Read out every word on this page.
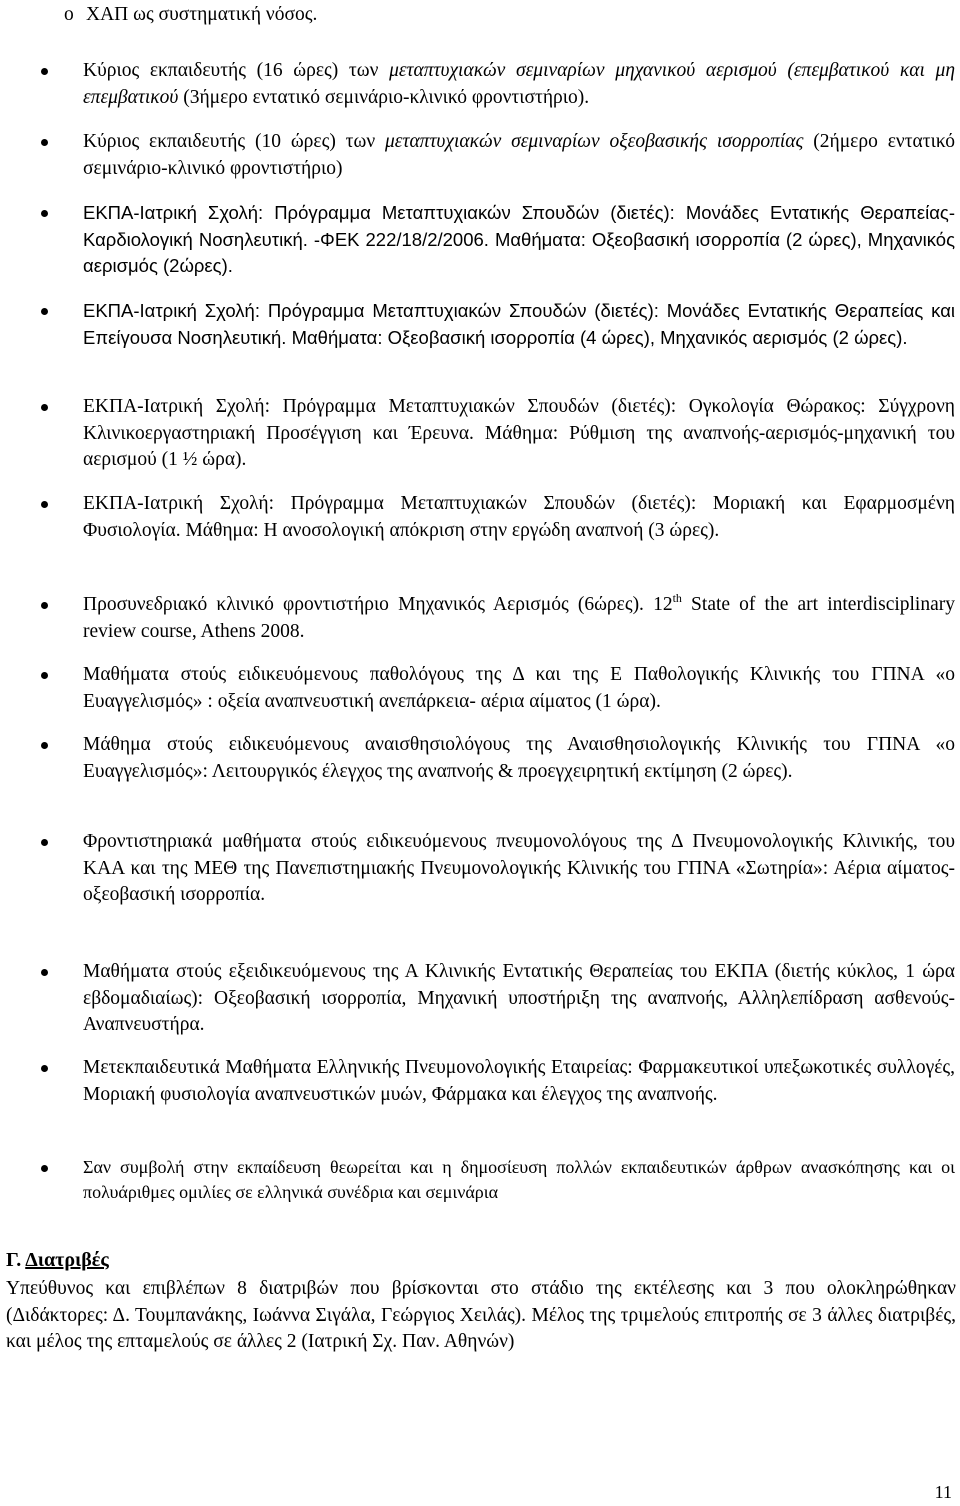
o ΧΑΠ ως συστηματική νόσος.
Κύριος εκπαιδευτής (16 ώρες) των μεταπτυχιακών σεμιναρίων μηχανικού αερισμού (επεμβατικού και μη επεμβατικού (3ήμερο εντατικό σεμινάριο-κλινικό φροντιστήριο).
Κύριος εκπαιδευτής (10 ώρες) των μεταπτυχιακών σεμιναρίων οξεοβασικής ισορροπίας (2ήμερο εντατικό σεμινάριο-κλινικό φροντιστήριο)
ΕΚΠΑ-Ιατρική Σχολή: Πρόγραμμα Μεταπτυχιακών Σπουδών (διετές): Μονάδες Εντατικής Θεραπείας-Καρδιολογική Νοσηλευτική. -ΦΕΚ 222/18/2/2006. Μαθήματα: Οξεοβασική ισορροπία (2 ώρες), Μηχανικός αερισμός (2ώρες).
ΕΚΠΑ-Ιατρική Σχολή: Πρόγραμμα Μεταπτυχιακών Σπουδών (διετές): Μονάδες Εντατικής Θεραπείας και Επείγουσα Νοσηλευτική. Μαθήματα: Οξεοβασική ισορροπία (4 ώρες), Μηχανικός αερισμός (2 ώρες).
ΕΚΠΑ-Ιατρική Σχολή: Πρόγραμμα Μεταπτυχιακών Σπουδών (διετές): Ογκολογία Θώρακος: Σύγχρονη Κλινικοεργαστηριακή Προσέγγιση και Έρευνα. Μάθημα: Ρύθμιση της αναπνοής-αερισμός-μηχανική του αερισμού (1 ½ ώρα).
ΕΚΠΑ-Ιατρική Σχολή: Πρόγραμμα Μεταπτυχιακών Σπουδών (διετές): Μοριακή και Εφαρμοσμένη Φυσιολογία. Μάθημα: Η ανοσολογική απόκριση στην εργώδη αναπνοή (3 ώρες).
Προσυνεδριακό κλινικό φροντιστήριο Μηχανικός Αερισμός (6ώρες). 12th State of the art interdisciplinary review course, Athens 2008.
Μαθήματα στούς ειδικευόμενους παθολόγους της Δ και της Ε Παθολογικής Κλινικής του ΓΠΝΑ «ο Ευαγγελισμός» : οξεία αναπνευστική ανεπάρκεια- αέρια αίματος (1 ώρα).
Μάθημα στούς ειδικευόμενους αναισθησιολόγους της Αναισθησιολογικής Κλινικής του ΓΠΝΑ «ο Ευαγγελισμός»: Λειτουργικός έλεγχος της αναπνοής & προεγχειρητική εκτίμηση (2 ώρες).
Φροντιστηριακά μαθήματα στούς ειδικευόμενους πνευμονολόγους της Δ Πνευμονολογικής Κλινικής, του ΚΑΑ και της ΜΕΘ της Πανεπιστημιακής Πνευμονολογικής Κλινικής του ΓΠΝΑ «Σωτηρία»: Αέρια αίματος-οξεοβασική ισορροπία.
Μαθήματα στούς εξειδικευόμενους της Α Κλινικής Εντατικής Θεραπείας του ΕΚΠΑ (διετής κύκλος, 1 ώρα εβδομαδιαίως): Οξεοβασική ισορροπία, Μηχανική υποστήριξη της αναπνοής, Αλληλεπίδραση ασθενούς- Αναπνευστήρα.
Μετεκπαιδευτικά Μαθήματα Ελληνικής Πνευμονολογικής Εταιρείας: Φαρμακευτικοί υπεξωκοτικές συλλογές, Μοριακή φυσιολογία αναπνευστικών μυών, Φάρμακα και έλεγχος της αναπνοής.
Σαν συμβολή στην εκπαίδευση θεωρείται και η δημοσίευση πολλών εκπαιδευτικών άρθρων ανασκόπησης και οι πολυάριθμες ομιλίες σε ελληνικά συνέδρια και σεμινάρια
Γ. Διατριβές
Υπεύθυνος και επιβλέπων 8 διατριβών που βρίσκονται στο στάδιο της εκτέλεσης και 3 που ολοκληρώθηκαν (Διδάκτορες: Δ. Τουμπανάκης, Ιωάννα Σιγάλα, Γεώργιος Χειλάς). Μέλος της τριμελούς επιτροπής σε 3 άλλες διατριβές, και μέλος της επταμελούς σε άλλες 2 (Ιατρική Σχ. Παν. Αθηνών)
11
